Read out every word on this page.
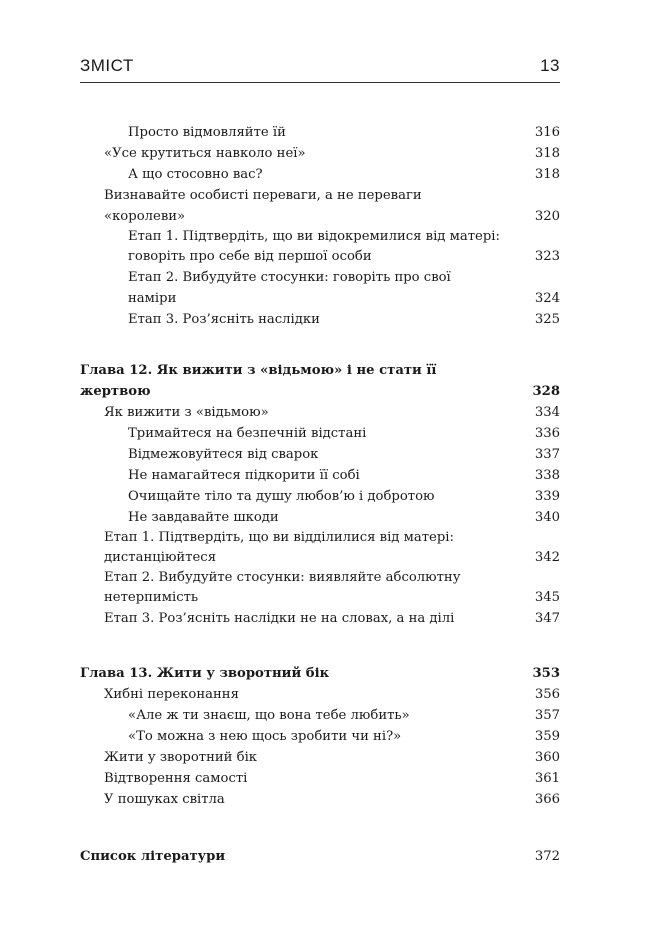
ЗМІСТ	13
Просто відмовляйте їй	316
«Усе крутиться навколо неї»	318
А що стосовно вас?	318
Визнавайте особисті переваги, а не переваги «королеви»	320
Етап 1. Підтвердіть, що ви відокремилися від матері: говоріть про себе від першої особи	323
Етап 2. Вибудуйте стосунки: говоріть про свої наміри	324
Етап 3. Роз’ясніть наслідки	325
Глава 12. Як вижити з «відьмою» і не стати її жертвою	328
Як вижити з «відьмою»	334
Тримайтеся на безпечній відстані	336
Відмежовуйтеся від сварок	337
Не намагайтеся підкорити її собі	338
Очищайте тіло та душу любов’ю і добротою	339
Не завдавайте шкоди	340
Етап 1. Підтвердіть, що ви відділилися від матері: дистанціюйтеся	342
Етап 2. Вибудуйте стосунки: виявляйте абсолютну нетерпимість	345
Етап 3. Роз’ясніть наслідки не на словах, а на ділі	347
Глава 13. Жити у зворотний бік	353
Хибні переконання	356
«Але ж ти знаєш, що вона тебе любить»	357
«То можна з нею щось зробити чи ні?»	359
Жити у зворотний бік	360
Відтворення самості	361
У пошуках світла	366
Список літератури	372
